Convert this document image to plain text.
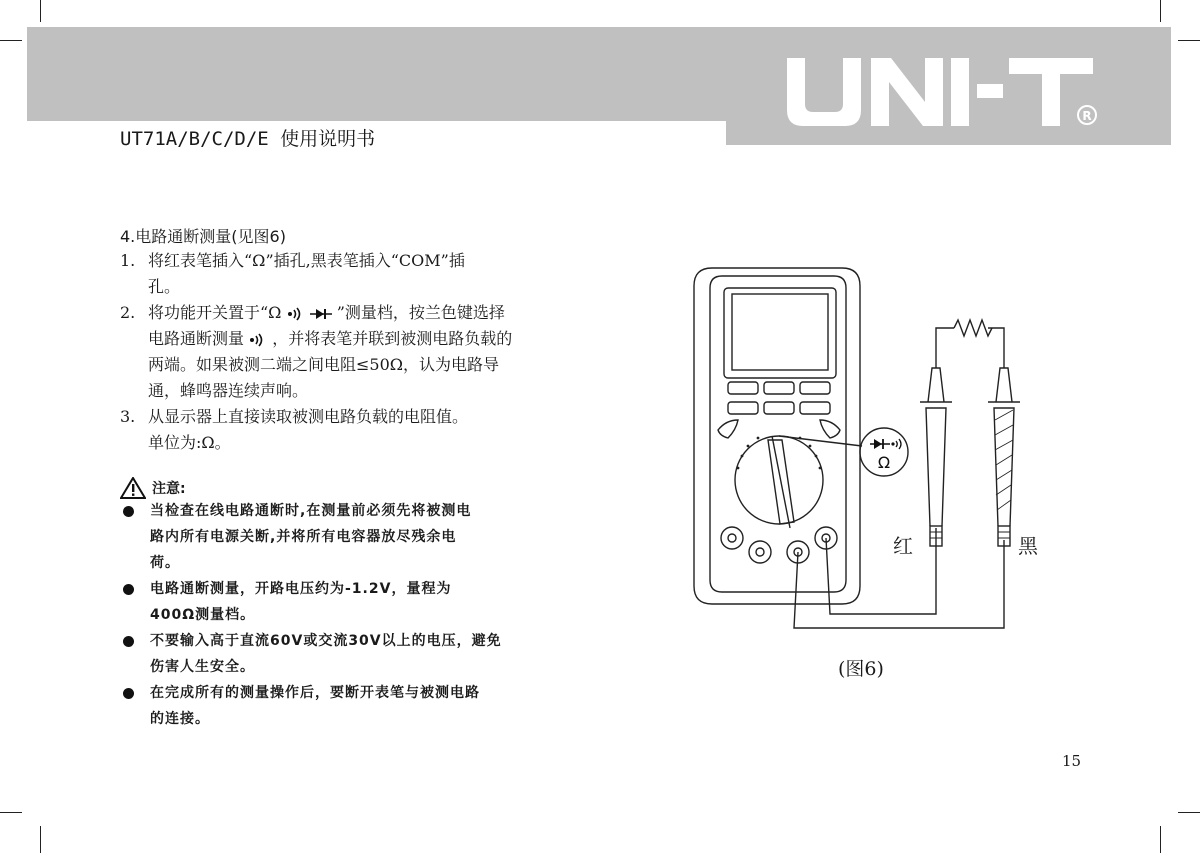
R
UT71A/B/C/D/E 使用说明书
4.电路通断测量(见图6)
1. 将红表笔插入“Ω”插孔,黑表笔插入“COM”插
孔。
2. 将功能开关置于“Ω	”测量档，按兰色键选择
电路通断测量 ，并将表笔并联到被测电路负载的
两端。如果被测二端之间电阻≤50Ω，认为电路导
通，蜂鸣器连续声响。
3. 从显示器上直接读取被测电路负载的电阻值。
单位为:Ω。
注意:
当检查在线电路通断时,在测量前必须先将被测电
路内所有电源关断,并将所有电容器放尽残余电
荷。
电路通断测量，开路电压约为-1.2V，量程为
400Ω测量档。
不要输入高于直流60V或交流30V以上的电压，避免
伤害人生安全。
在完成所有的测量操作后，要断开表笔与被测电路
的连接。
Ω
红	黑
(图6)
15
